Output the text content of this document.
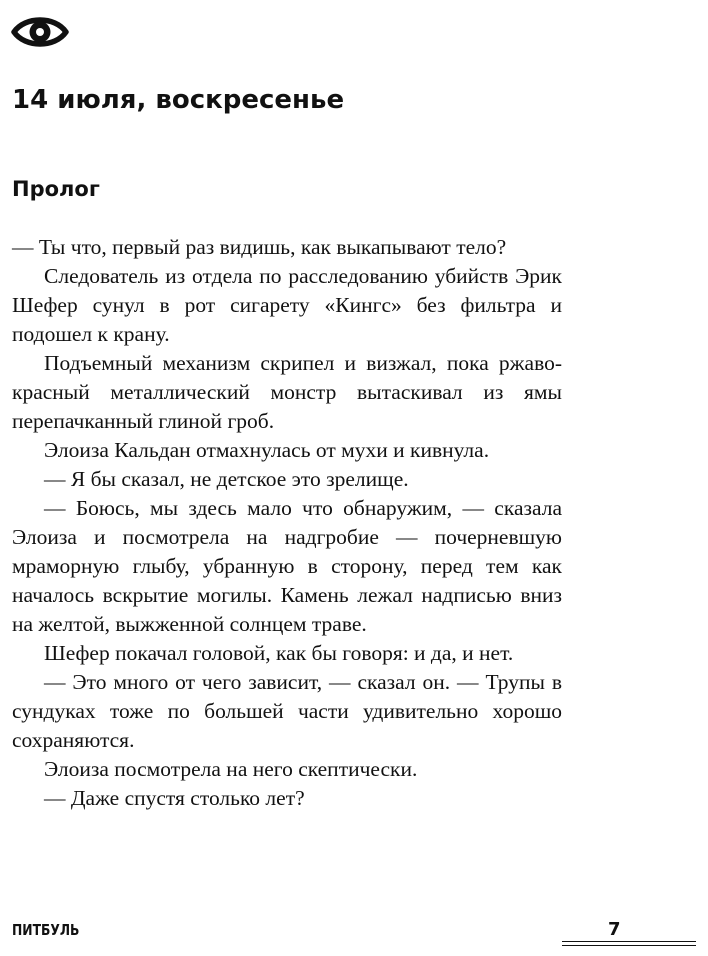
14 июля, воскресенье
Пролог

— Ты что, первый раз видишь, как выкапывают тело?

Следователь из отдела по расследованию убийств Эрик Шефер сунул в рот сигарету «Кингс» без фильтра и подошел к крану.

Подъемный механизм скрипел и визжал, пока ржаво-красный металлический монстр вытаскивал из ямы перепачканный глиной гроб.

Элоиза Кальдан отмахнулась от мухи и кивнула.

— Я бы сказал, не детское это зрелище.

— Боюсь, мы здесь мало что обнаружим, — сказала Элоиза и посмотрела на надгробие — почерневшую мраморную глыбу, убранную в сторону, перед тем как началось вскрытие могилы. Камень лежал надписью вниз на желтой, выжженной солнцем траве.

Шефер покачал головой, как бы говоря: и да, и нет.

— Это много от чего зависит, — сказал он. — Трупы в сундуках тоже по большей части удивительно хорошо сохраняются.

Элоиза посмотрела на него скептически.

— Даже спустя столько лет?

ПИТБУЛЬ	7
